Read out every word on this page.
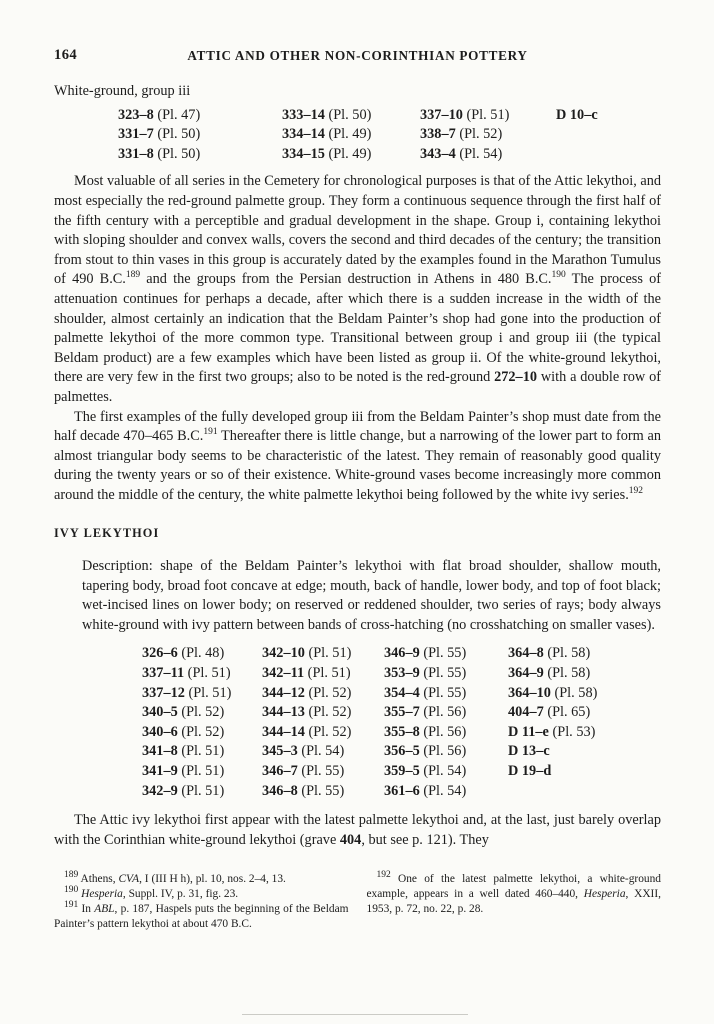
164	ATTIC AND OTHER NON-CORINTHIAN POTTERY
White-ground, group iii
323–8 (Pl. 47)	333–14 (Pl. 50)	337–10 (Pl. 51)	D 10–c
331–7 (Pl. 50)	334–14 (Pl. 49)	338–7 (Pl. 52)
331–8 (Pl. 50)	334–15 (Pl. 49)	343–4 (Pl. 54)

Most valuable of all series in the Cemetery for chronological purposes is that of the Attic lekythoi, and most especially the red-ground palmette group. They form a continuous sequence through the first half of the fifth century with a perceptible and gradual development in the shape. Group i, containing lekythoi with sloping shoulder and convex walls, covers the second and third decades of the century; the transition from stout to thin vases in this group is accurately dated by the examples found in the Marathon Tumulus of 490 B.C.$^{189}$ and the groups from the Persian destruction in Athens in 480 B.C.$^{190}$ The process of attenuation continues for perhaps a decade, after which there is a sudden increase in the width of the shoulder, almost certainly an indication that the Beldam Painter’s shop had gone into the production of palmette lekythoi of the more common type. Transitional between group i and group iii (the typical Beldam product) are a few examples which have been listed as group ii. Of the white-ground lekythoi, there are very few in the first two groups; also to be noted is the red-ground 272–10 with a double row of palmettes.

The first examples of the fully developed group iii from the Beldam Painter’s shop must date from the half decade 470–465 B.C.$^{191}$ Thereafter there is little change, but a narrowing of the lower part to form an almost triangular body seems to be characteristic of the latest. They remain of reasonably good quality during the twenty years or so of their existence. White-ground vases become increasingly more common around the middle of the century, the white palmette lekythoi being followed by the white ivy series.$^{192}$

IVY LEKYTHOI

Description: shape of the Beldam Painter’s lekythoi with flat broad shoulder, shallow mouth, tapering body, broad foot concave at edge; mouth, back of handle, lower body, and top of foot black; wet-incised lines on lower body; on reserved or reddened shoulder, two series of rays; body always white-ground with ivy pattern between bands of cross-hatching (no crosshatching on smaller vases).

326–6 (Pl. 48)	342–10 (Pl. 51)	346–9 (Pl. 55)	364–8 (Pl. 58)
337–11 (Pl. 51)	342–11 (Pl. 51)	353–9 (Pl. 55)	364–9 (Pl. 58)
337–12 (Pl. 51)	344–12 (Pl. 52)	354–4 (Pl. 55)	364–10 (Pl. 58)
340–5 (Pl. 52)	344–13 (Pl. 52)	355–7 (Pl. 56)	404–7 (Pl. 65)
340–6 (Pl. 52)	344–14 (Pl. 52)	355–8 (Pl. 56)	D 11–e (Pl. 53)
341–8 (Pl. 51)	345–3 (Pl. 54)	356–5 (Pl. 56)	D 13–c
341–9 (Pl. 51)	346–7 (Pl. 55)	359–5 (Pl. 54)	D 19–d
342–9 (Pl. 51)	346–8 (Pl. 55)	361–6 (Pl. 54)

The Attic ivy lekythoi first appear with the latest palmette lekythoi and, at the last, just barely overlap with the Corinthian white-ground lekythoi (grave 404, but see p. 121). They

$^{189}$ Athens, CVA, I (III H h), pl. 10, nos. 2–4, 13.

$^{190}$ Hesperia, Suppl. IV, p. 31, fig. 23.

$^{191}$ In ABL, p. 187, Haspels puts the beginning of the Beldam Painter’s pattern lekythoi at about 470 B.C.

$^{192}$ One of the latest palmette lekythoi, a white-ground example, appears in a well dated 460–440, Hesperia, XXII, 1953, p. 72, no. 22, p. 28.
